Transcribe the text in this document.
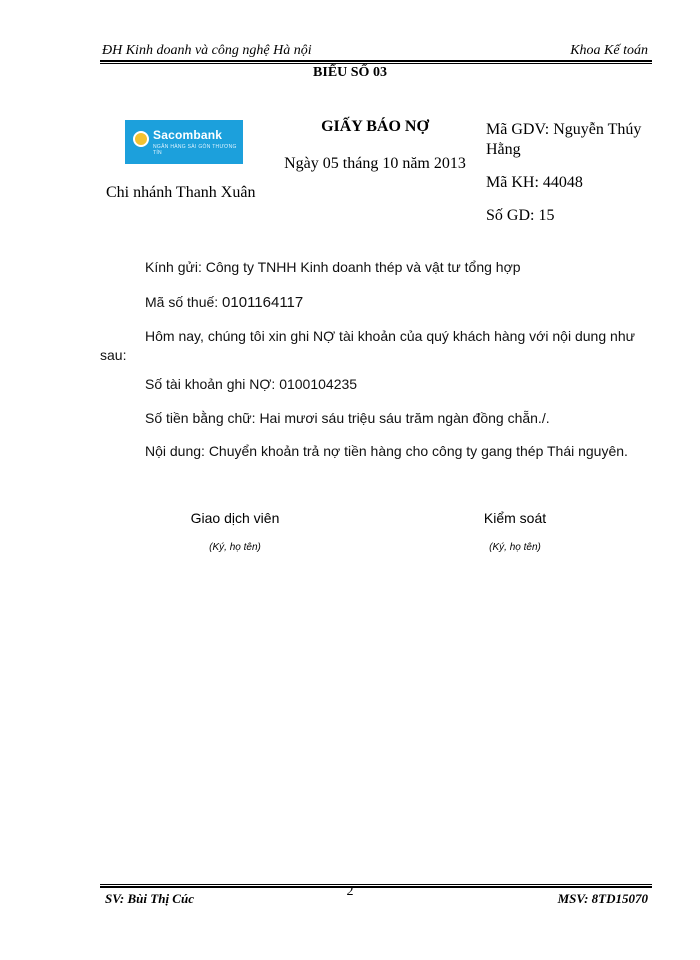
ĐH Kinh doanh và công nghệ Hà nội	Khoa Kế toán
BIỂU SỐ 03
Sacombank
NGÂN HÀNG SÀI GÒN THƯƠNG TÍN
Chi nhánh Thanh Xuân
GIẤY BÁO NỢ
Ngày 05 tháng 10 năm 2013
Mã GDV: Nguyễn Thúy Hằng
Mã KH: 44048
Số GD: 15
Kính gửi: Công ty TNHH Kinh doanh thép và vật tư tổng hợp
Mã số thuế: 0101164117
Hôm nay, chúng tôi xin ghi NỢ tài khoản của quý khách hàng với nội dung như sau:
Số tài khoản ghi NỢ: 0100104235
Số tiền bằng chữ: Hai mươi sáu triệu sáu trăm ngàn đồng chẵn./.
Nội dung: Chuyển khoản trả nợ tiền hàng cho công ty gang thép Thái nguyên.
Giao dịch viên
(Ký, họ tên)
Kiểm soát
(Ký, họ tên)
2
SV: Bùi Thị Cúc	MSV: 8TD15070
